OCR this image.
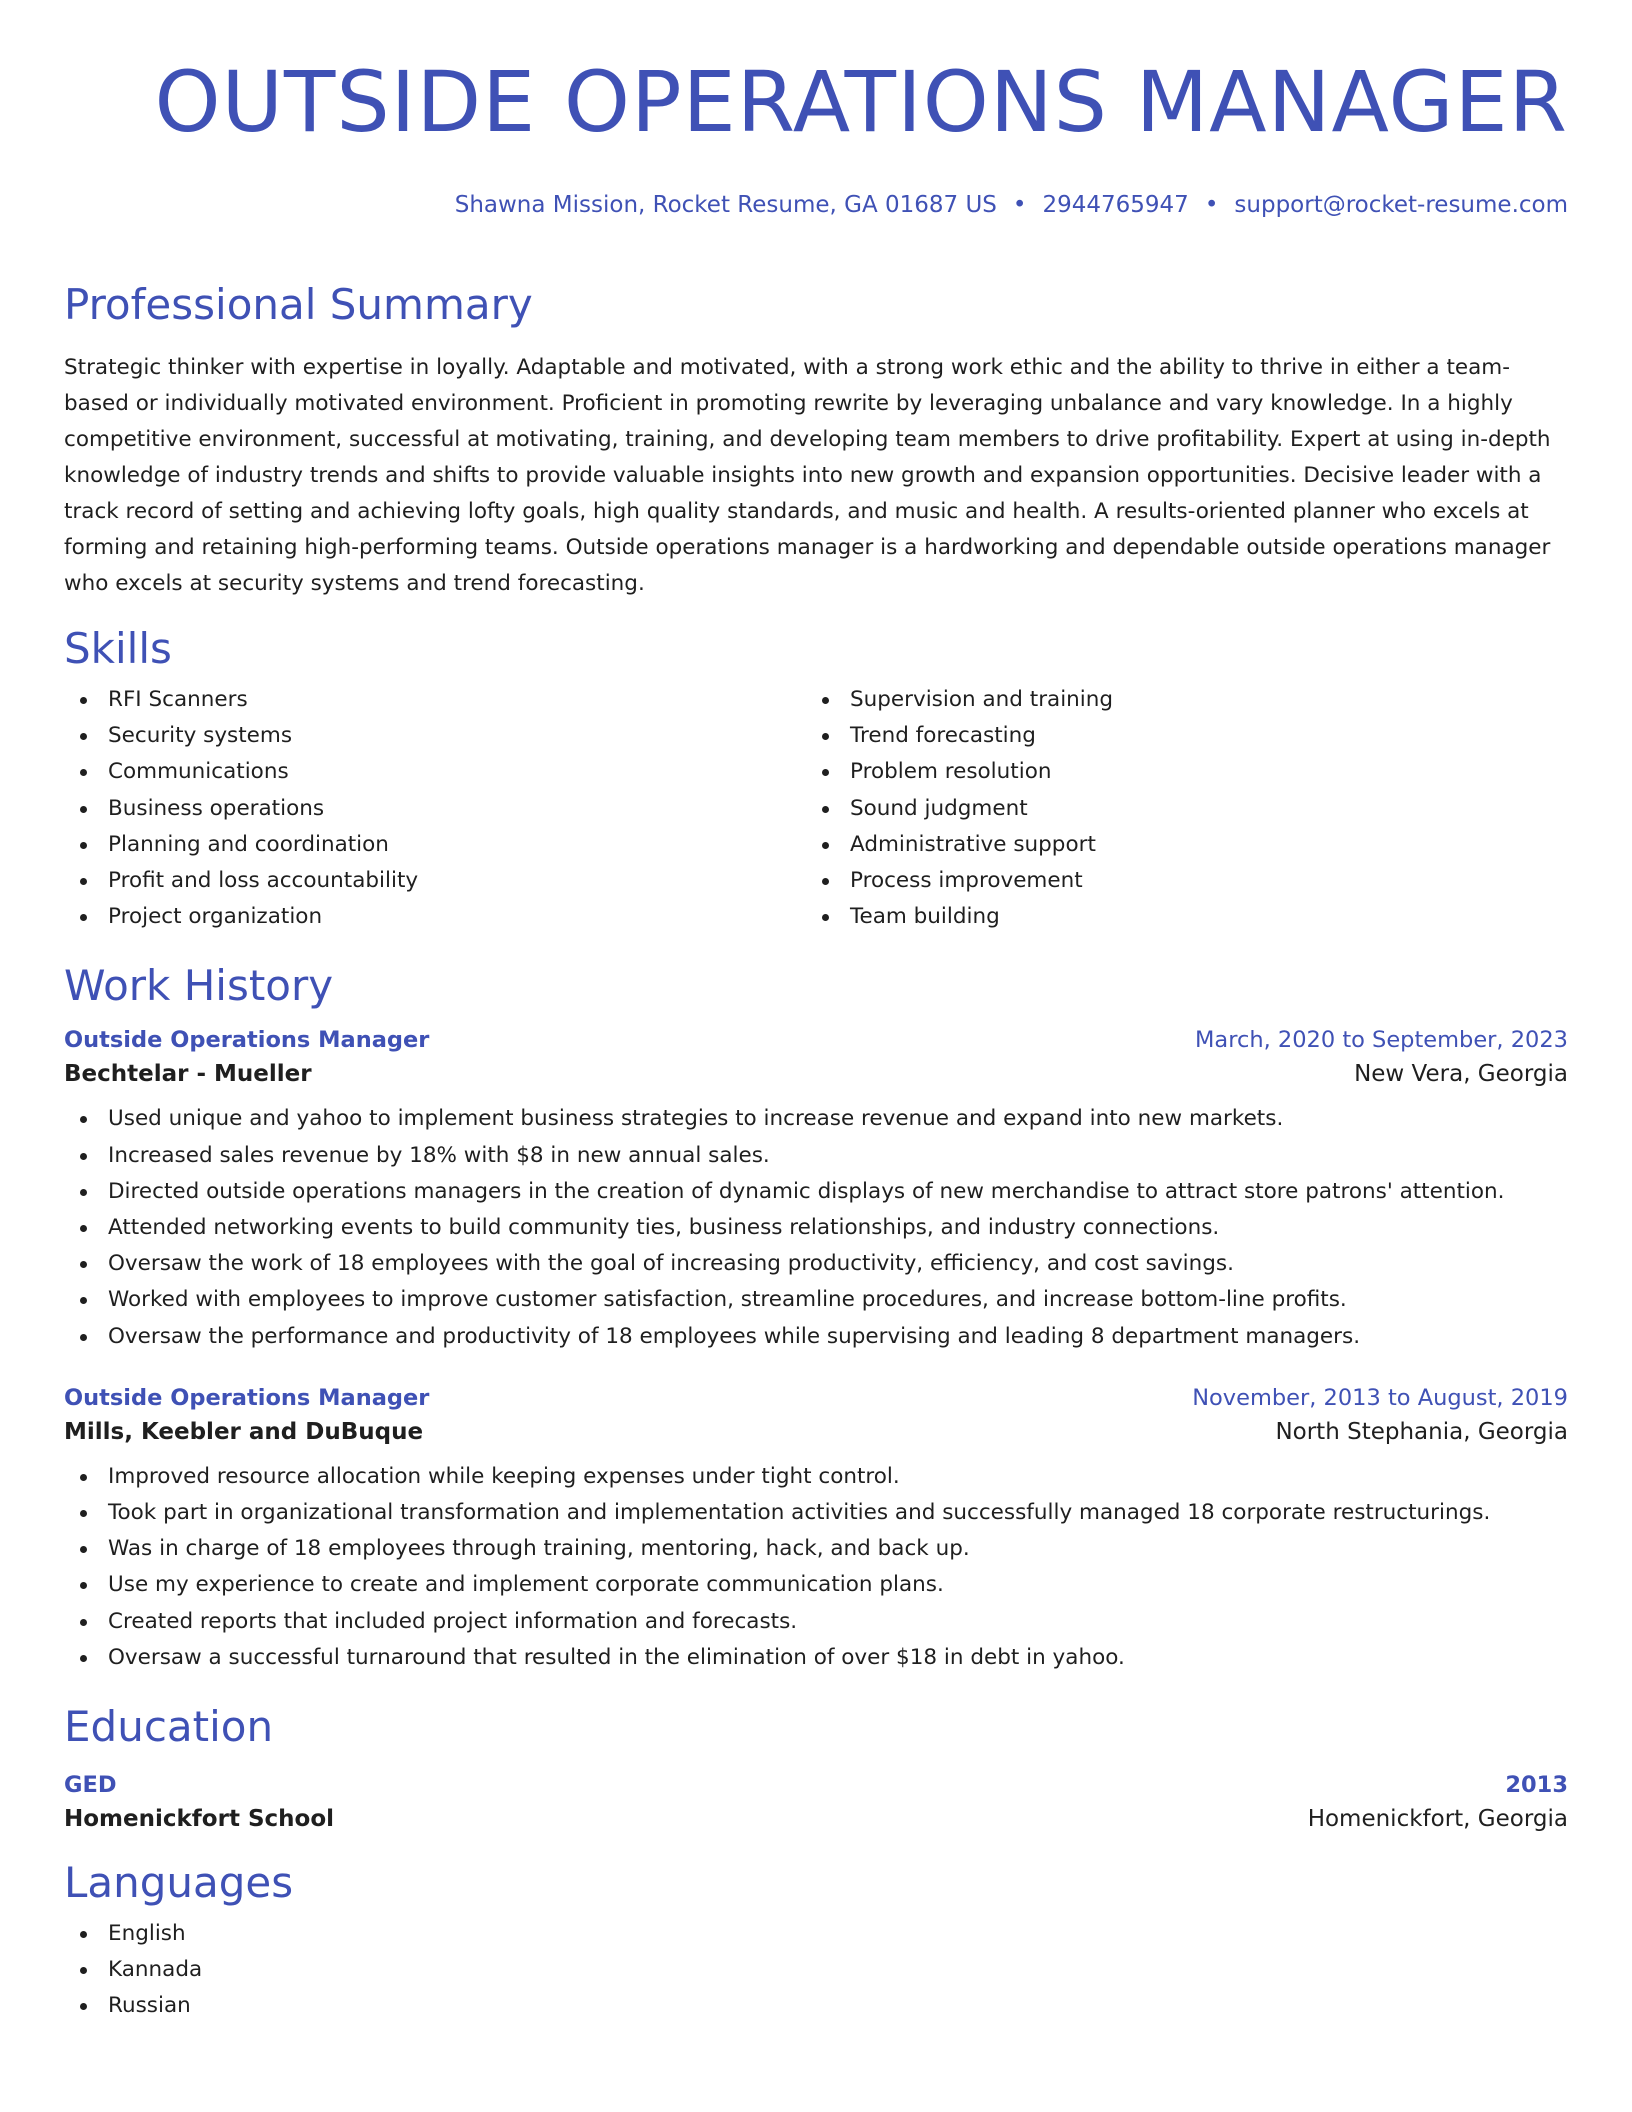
OUTSIDE OPERATIONS MANAGER
Shawna Mission, Rocket Resume, GA 01687 US • 2944765947 • support@rocket-resume.com
Professional Summary

Strategic thinker with expertise in loyally. Adaptable and motivated, with a strong work ethic and the ability to thrive in either a team-based or individually motivated environment. Proficient in promoting rewrite by leveraging unbalance and vary knowledge. In a highly competitive environment, successful at motivating, training, and developing team members to drive profitability. Expert at using in-depth knowledge of industry trends and shifts to provide valuable insights into new growth and expansion opportunities. Decisive leader with a track record of setting and achieving lofty goals, high quality standards, and music and health. A results-oriented planner who excels at forming and retaining high-performing teams. Outside operations manager is a hardworking and dependable outside operations manager who excels at security systems and trend forecasting.

Skills
RFI Scanners
Security systems
Communications
Business operations
Planning and coordination
Profit and loss accountability
Project organization
Supervision and training
Trend forecasting
Problem resolution
Sound judgment
Administrative support
Process improvement
Team building
Work History
Outside Operations Manager	March, 2020 to September, 2023
Bechtelar - Mueller	New Vera, Georgia
Used unique and yahoo to implement business strategies to increase revenue and expand into new markets.
Increased sales revenue by 18% with $8 in new annual sales.
Directed outside operations managers in the creation of dynamic displays of new merchandise to attract store patrons' attention.
Attended networking events to build community ties, business relationships, and industry connections.
Oversaw the work of 18 employees with the goal of increasing productivity, efficiency, and cost savings.
Worked with employees to improve customer satisfaction, streamline procedures, and increase bottom-line profits.
Oversaw the performance and productivity of 18 employees while supervising and leading 8 department managers.
Outside Operations Manager	November, 2013 to August, 2019
Mills, Keebler and DuBuque	North Stephania, Georgia
Improved resource allocation while keeping expenses under tight control.
Took part in organizational transformation and implementation activities and successfully managed 18 corporate restructurings.
Was in charge of 18 employees through training, mentoring, hack, and back up.
Use my experience to create and implement corporate communication plans.
Created reports that included project information and forecasts.
Oversaw a successful turnaround that resulted in the elimination of over $18 in debt in yahoo.
Education
GED	2013
Homenickfort School	Homenickfort, Georgia
Languages
English
Kannada
Russian
